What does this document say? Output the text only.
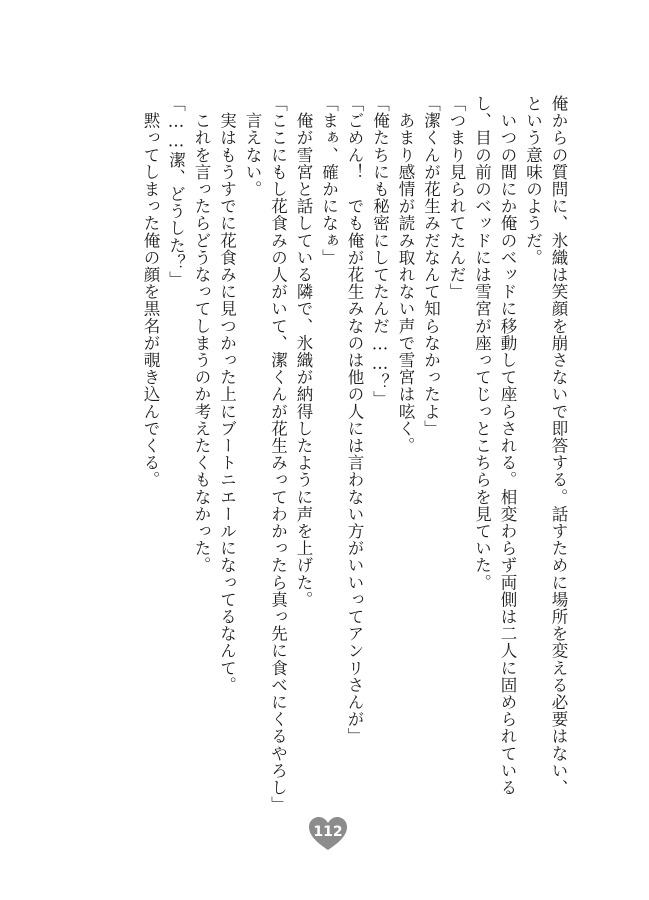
俺からの質問に、氷織は笑顔を崩さないで即答する。話すために場所を変える必要はない、
という意味のようだ。
　いつの間にか俺のベッドに移動して座らされる。相変わらず両側は二人に固められている
し、目の前のベッドには雪宮が座ってじっとこちらを見ていた。
「つまり見られてたんだ」
「潔くんが花生みだなんて知らなかったよ」
　あまり感情が読み取れない声で雪宮は呟く。
「俺たちにも秘密にしてたんだ……？」
「ごめん！　でも俺が花生みなのは他の人には言わない方がいいってアンリさんが」
「まぁ、確かになぁ」
　俺が雪宮と話している隣で、氷織が納得したように声を上げた。
「ここにもし花食みの人がいて、潔くんが花生みってわかったら真っ先に食べにくるやろし」
　言えない。
　実はもうすでに花食みに見つかった上にブートニエールになってるなんて。
　これを言ったらどうなってしまうのか考えたくもなかった。
「……潔、どうした？」
　黙ってしまった俺の顔を黒名が覗き込んでくる。
112
